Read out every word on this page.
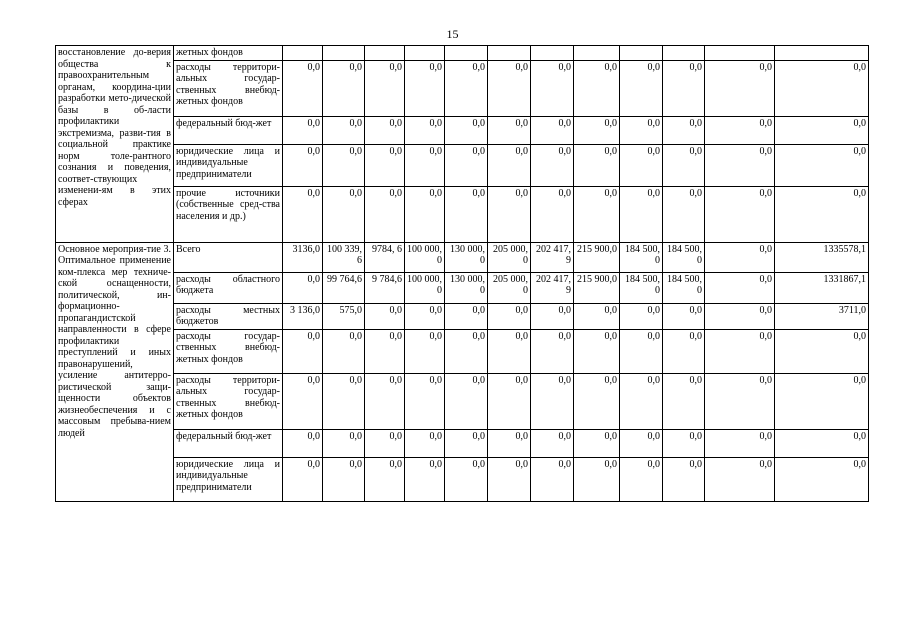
15
восстановление до-верия общества к правоохранительным органам, координа-ции разработки мето-дической базы в об-ласти профилактики экстремизма, разви-тия в социальной практике норм толе-рантного сознания и поведения, соответ-ствующих изменени-ям в этих сферах	жетных фондов												
	расходы территори-альных государ-ственных внебюд-жетных фондов	0,0	0,0	0,0	0,0	0,0	0,0	0,0	0,0	0,0	0,0	0,0	0,0
	федеральный бюд-жет	0,0	0,0	0,0	0,0	0,0	0,0	0,0	0,0	0,0	0,0	0,0	0,0
	юридические лица и индивидуальные предприниматели	0,0	0,0	0,0	0,0	0,0	0,0	0,0	0,0	0,0	0,0	0,0	0,0
	прочие источники (собственные сред-ства населения и др.)	0,0	0,0	0,0	0,0	0,0	0,0	0,0	0,0	0,0	0,0	0,0	0,0
Основное мероприя-тие 3. Оптимальное применение ком-плекса мер техниче-ской оснащенности, политической, ин-формационно-пропагандистской направленности в сфере профилактики преступлений и иных правонарушений, усиление антитерро-ристической защи-щенности объектов жизнеобеспечения и с массовым пребыва-нием людей	Всего	3136,0	100 339,6	9784, 6	100 000,0	130 000,0	205 000,0	202 417,9	215 900,0	184 500,0	184 500,0	0,0	1335578,1
	расходы областного бюджета	0,0	99 764,6	9 784,6	100 000,0	130 000,0	205 000,0	202 417,9	215 900,0	184 500,0	184 500,0	0,0	1331867,1
	расходы местных бюджетов	3 136,0	575,0	0,0	0,0	0,0	0,0	0,0	0,0	0,0	0,0	0,0	3711,0
	расходы государ-ственных внебюд-жетных фондов	0,0	0,0	0,0	0,0	0,0	0,0	0,0	0,0	0,0	0,0	0,0	0,0
	расходы территори-альных государ-ственных внебюд-жетных фондов	0,0	0,0	0,0	0,0	0,0	0,0	0,0	0,0	0,0	0,0	0,0	0,0
	федеральный бюд-жет	0,0	0,0	0,0	0,0	0,0	0,0	0,0	0,0	0,0	0,0	0,0	0,0
	юридические лица и индивидуальные предприниматели	0,0	0,0	0,0	0,0	0,0	0,0	0,0	0,0	0,0	0,0	0,0	0,0
